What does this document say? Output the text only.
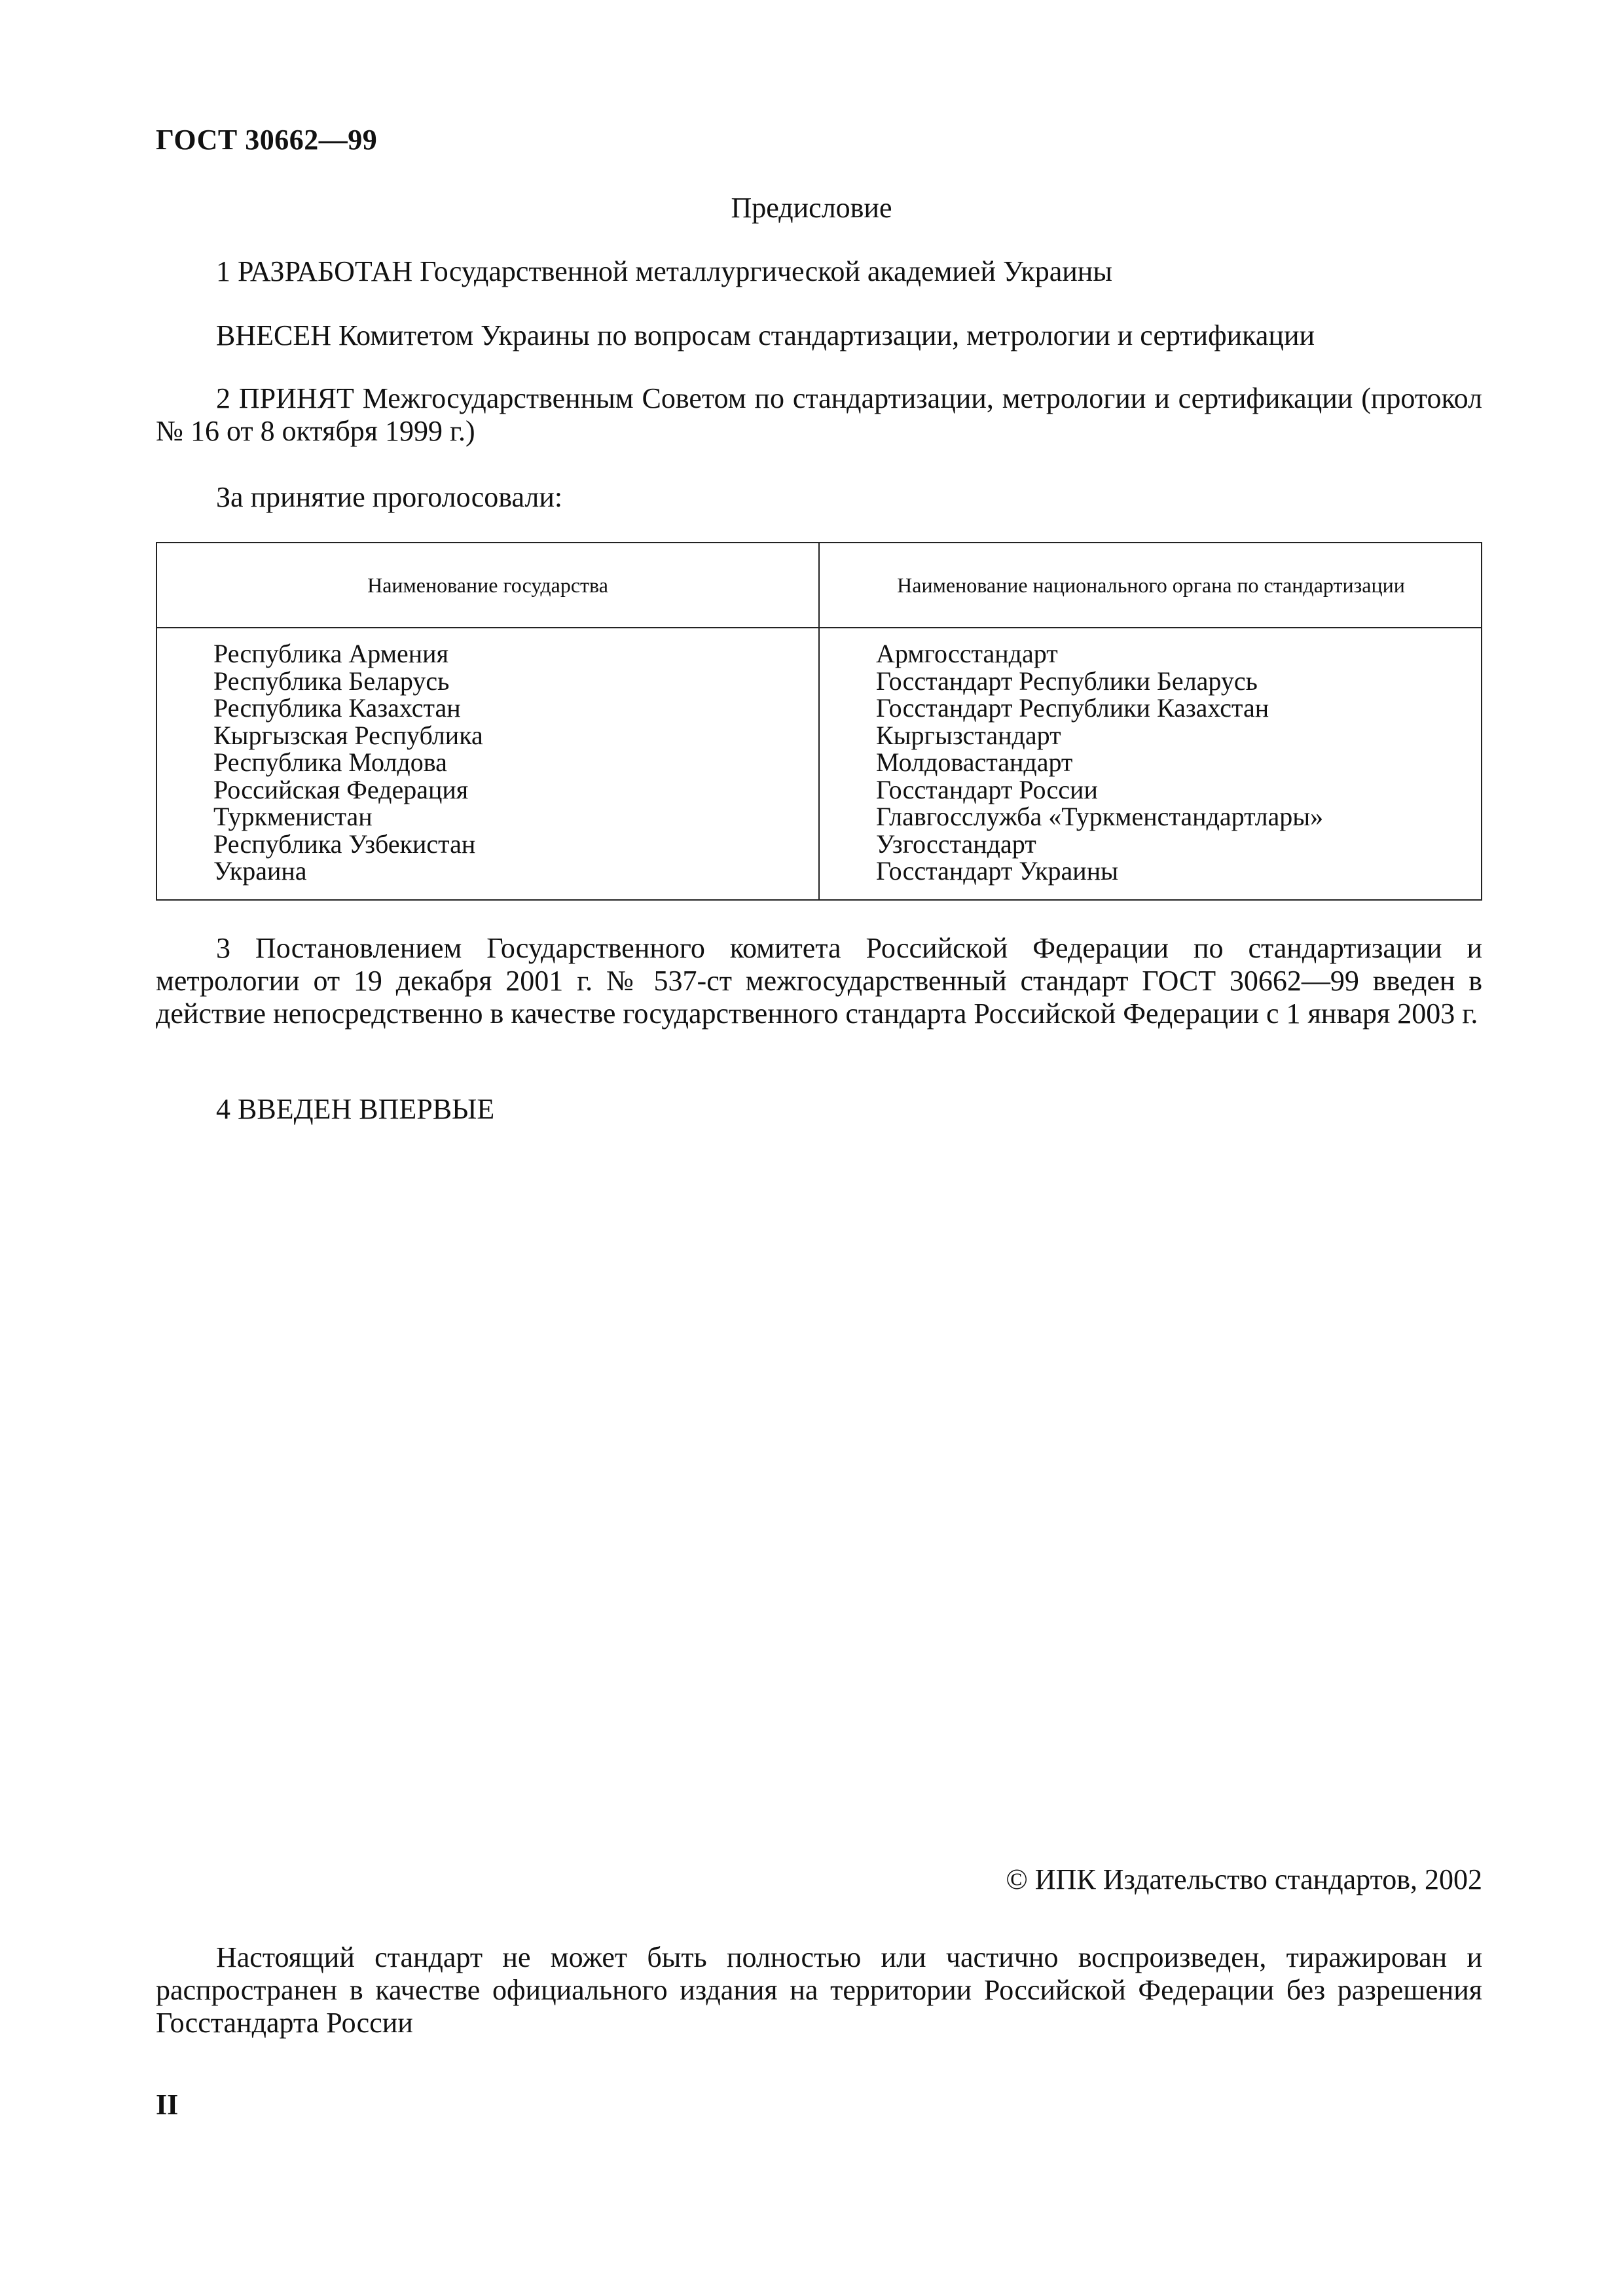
ГОСТ 30662—99
Предисловие
1 РАЗРАБОТАН Государственной металлургической академией Украины
ВНЕСЕН Комитетом Украины по вопросам стандартизации, метрологии и сертификации
2 ПРИНЯТ Межгосударственным Советом по стандартизации, метрологии и сертификации (протокол № 16 от 8 октября 1999 г.)
За принятие проголосовали:
Наименование государства	Наименование национального органа по стандартизации
Республика Армения
Республика Беларусь
Республика Казахстан
Кыргызская Республика
Республика Молдова
Российская Федерация
Туркменистан
Республика Узбекистан
Украина
Армгосстандарт
Госстандарт Республики Беларусь
Госстандарт Республики Казахстан
Кыргызстандарт
Молдовастандарт
Госстандарт России
Главгосслужба «Туркменстандартлары»
Узгосстандарт
Госстандарт Украины
3 Постановлением Государственного комитета Российской Федерации по стандартизации и метрологии от 19 декабря 2001 г. № 537-ст межгосударственный стандарт ГОСТ 30662—99 введен в действие непосредственно в качестве государственного стандарта Российской Федерации с 1 января 2003 г.
4 ВВЕДЕН ВПЕРВЫЕ
© ИПК Издательство стандартов, 2002
Настоящий стандарт не может быть полностью или частично воспроизведен, тиражирован и распространен в качестве официального издания на территории Российской Федерации без разрешения Госстандарта России
II
